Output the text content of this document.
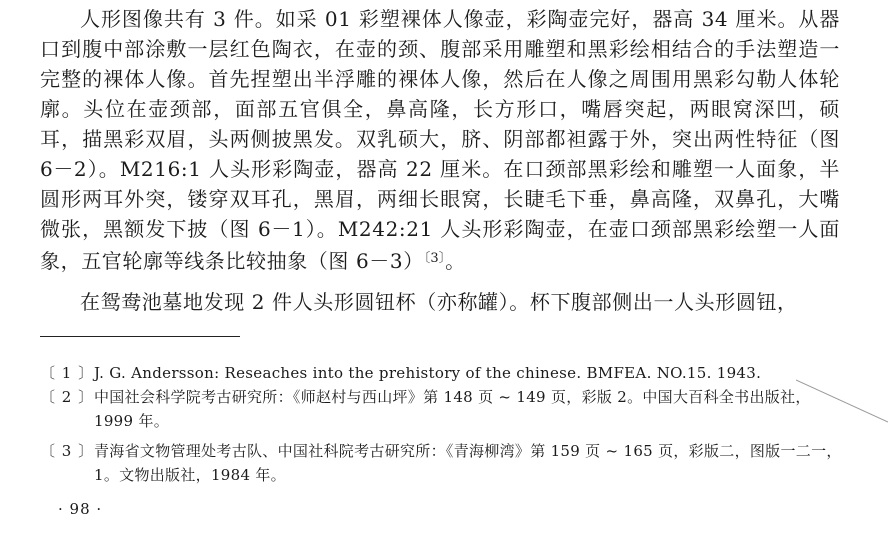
人形图像共有 3 件。如采 01 彩塑裸体人像壶，彩陶壶完好，器高 34 厘米。从器口到腹中部涂敷一层红色陶衣，在壶的颈、腹部采用雕塑和黑彩绘相结合的手法塑造一完整的裸体人像。首先捏塑出半浮雕的裸体人像，然后在人像之周围用黑彩勾勒人体轮廓。头位在壶颈部，面部五官俱全，鼻高隆，长方形口，嘴唇突起，两眼窝深凹，硕耳，描黑彩双眉，头两侧披黑发。双乳硕大，脐、阴部都袒露于外，突出两性特征（图 6－2）。M216:1 人头形彩陶壶，器高 22 厘米。在口颈部黑彩绘和雕塑一人面象，半圆形两耳外突，镂穿双耳孔，黑眉，两细长眼窝，长睫毛下垂，鼻高隆，双鼻孔，大嘴微张，黑额发下披（图 6－1）。M242:21 人头形彩陶壶，在壶口颈部黑彩绘塑一人面象，五官轮廓等线条比较抽象（图 6－3）$^{〔3〕}$。

在鸳鸯池墓地发现 2 件人头形圆钮杯（亦称罐）。杯下腹部侧出一人头形圆钮，

〔 1 〕 J. G. Andersson: Reseaches into the prehistory of the chinese. BMFEA. NO.15. 1943.
〔 2 〕 中国社会科学院考古研究所：《师赵村与西山坪》第 148 页 ~ 149 页，彩版 2。中国大百科全书出版社，1999 年。
〔 3 〕 青海省文物管理处考古队、中国社科院考古研究所：《青海柳湾》第 159 页 ~ 165 页，彩版二，图版一二一，1。文物出版社，1984 年。
· 98 ·
